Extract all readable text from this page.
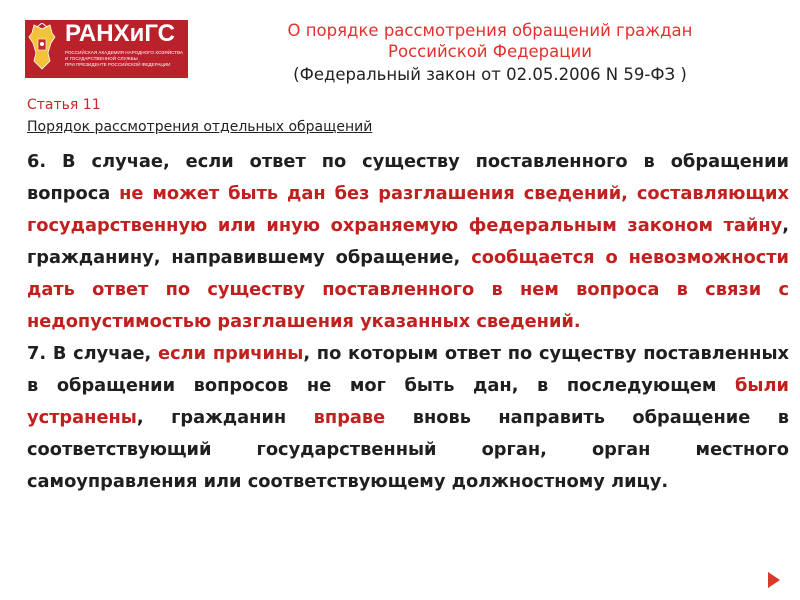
РАНХиГС
РОССИЙСКАЯ АКАДЕМИЯ НАРОДНОГО ХОЗЯЙСТВА
И ГОСУДАРСТВЕННОЙ СЛУЖБЫ
ПРИ ПРЕЗИДЕНТЕ РОССИЙСКОЙ ФЕДЕРАЦИИ
О порядке рассмотрения обращений граждан
Российской Федерации
(Федеральный закон от 02.05.2006 N 59-ФЗ )
Статья 11
Порядок рассмотрения отдельных обращений

6. В случае, если ответ по существу поставленного в обращении вопроса не может быть дан без разглашения сведений, составляющих государственную или иную охраняемую федеральным законом тайну, гражданину, направившему обращение, сообщается о невозможности дать ответ по существу поставленного в нем вопроса в связи с недопустимостью разглашения указанных сведений.

7. В случае, если причины, по которым ответ по существу поставленных в обращении вопросов не мог быть дан, в последующем были устранены, гражданин вправе вновь направить обращение в соответствующий государственный орган, орган местного самоуправления или соответствующему должностному лицу.
